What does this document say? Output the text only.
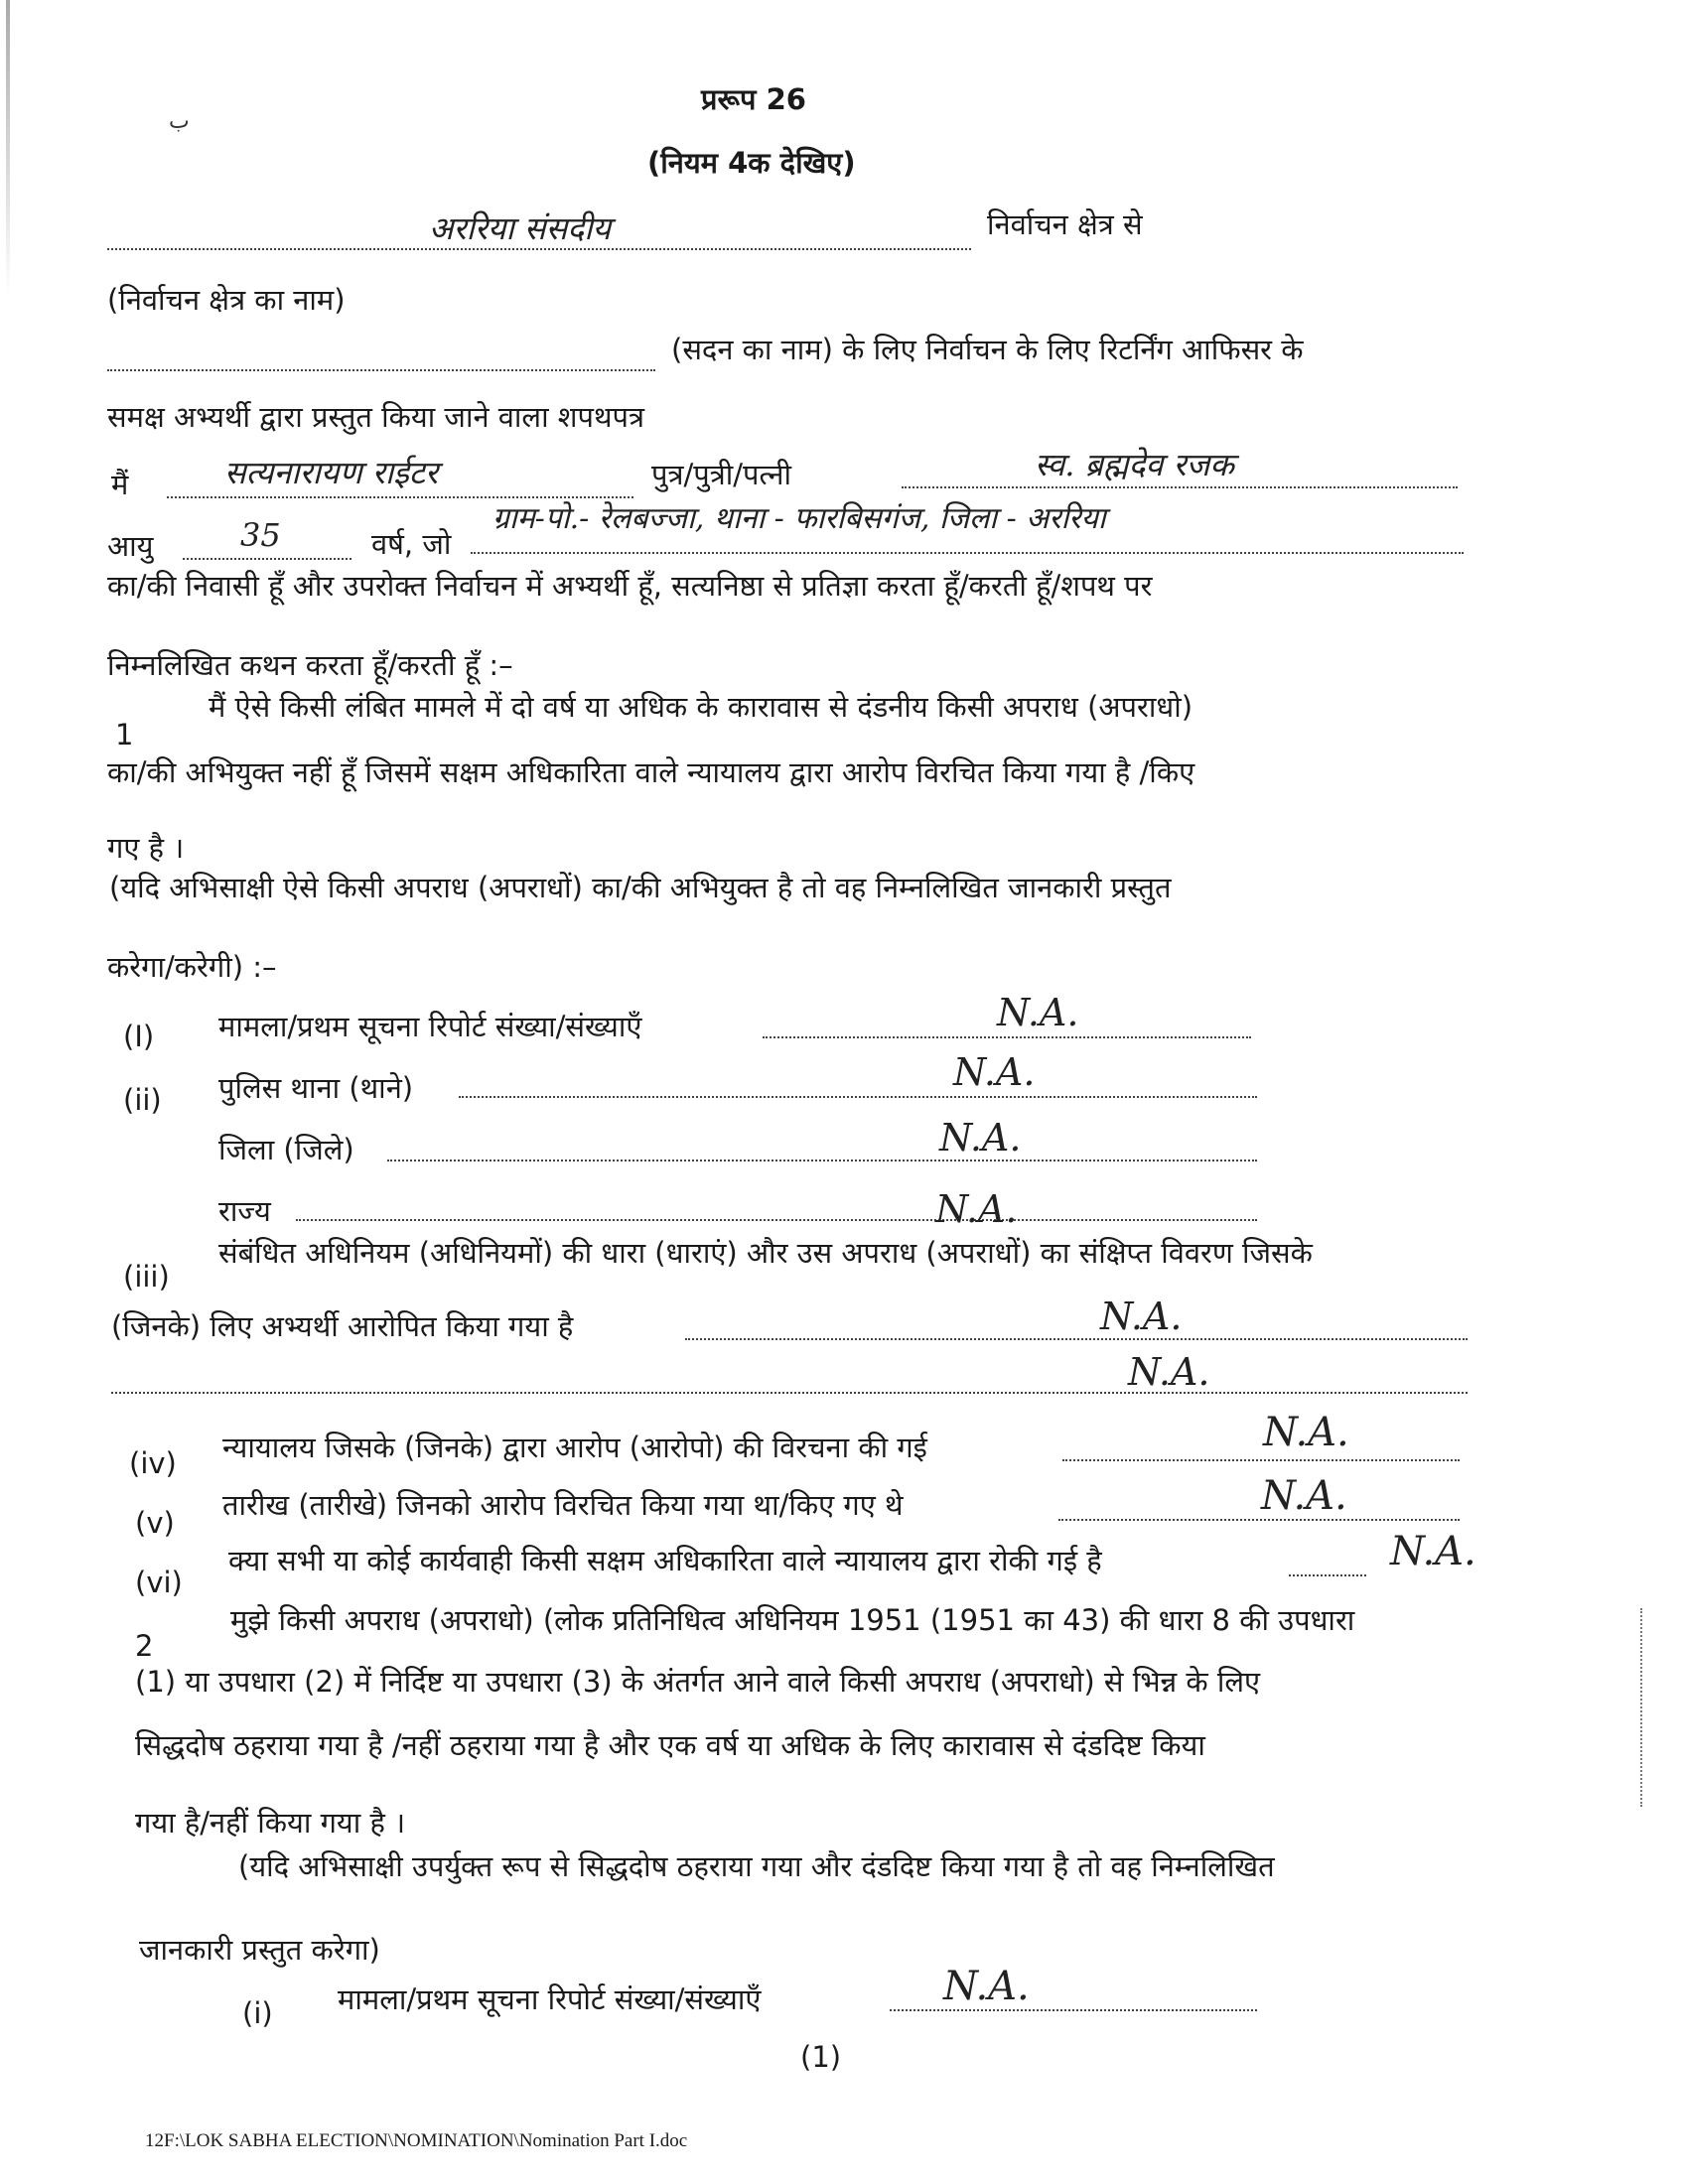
प्ररूप 26
(नियम 4क देखिए)
अररिया संसदीय	निर्वाचन क्षेत्र से
(निर्वाचन क्षेत्र का नाम)
(सदन का नाम) के लिए निर्वाचन के लिए रिटर्निंग आफिसर के
समक्ष अभ्यर्थी द्वारा प्रस्तुत किया जाने वाला शपथपत्र
मैं	सत्यनारायण राईटर	पुत्र/पुत्री/पत्नी	स्व. ब्रह्मदेव रजक
आयु	35	वर्ष, जो
ग्राम-पो.- रेलबज्जा, थाना - फारबिसगंज, जिला - अररिया
का/की निवासी हूँ और उपरोक्त निर्वाचन में अभ्यर्थी हूँ, सत्यनिष्ठा से प्रतिज्ञा करता हूँ/करती हूँ/शपथ पर
निम्नलिखित कथन करता हूँ/करती हूँ :–
1
मैं ऐसे किसी लंबित मामले में दो वर्ष या अधिक के कारावास से दंडनीय किसी अपराध (अपराधो)
का/की अभियुक्त नहीं हूँ जिसमें सक्षम अधिकारिता वाले न्यायालय द्वारा आरोप विरचित किया गया है /किए
गए है ।
(यदि अभिसाक्षी ऐसे किसी अपराध (अपराधों) का/की अभियुक्त है तो वह निम्नलिखित जानकारी प्रस्तुत
करेगा/करेगी) :–
(I) मामला/प्रथम सूचना रिपोर्ट संख्या/संख्याएँ	N.A.
(ii) पुलिस थाना (थाने)	N.A.
जिला (जिले)	N.A.
राज्य	N.A.
(iii)
संबंधित अधिनियम (अधिनियमों) की धारा (धाराएं) और उस अपराध (अपराधों) का संक्षिप्त विवरण जिसके
(जिनके) लिए अभ्यर्थी आरोपित किया गया है	N.A.
N.A.
(iv) न्यायालय जिसके (जिनके) द्वारा आरोप (आरोपो) की विरचना की गई	N.A.
(v)
तारीख (तारीखे) जिनको आरोप विरचित किया गया था/किए गए थे	N.A.
(vi)
क्या सभी या कोई कार्यवाही किसी सक्षम अधिकारिता वाले न्यायालय द्वारा रोकी गई है	N.A.
2
मुझे किसी अपराध (अपराधो) (लोक प्रतिनिधित्व अधिनियम 1951 (1951 का 43) की धारा 8 की उपधारा
(1) या उपधारा (2) में निर्दिष्ट या उपधारा (3) के अंतर्गत आने वाले किसी अपराध (अपराधो) से भिन्न के लिए
सिद्धदोष ठहराया गया है /नहीं ठहराया गया है और एक वर्ष या अधिक के लिए कारावास से दंडदिष्ट किया
गया है/नहीं किया गया है ।
(यदि अभिसाक्षी उपर्युक्त रूप से सिद्धदोष ठहराया गया और दंडदिष्ट किया गया है तो वह निम्नलिखित
जानकारी प्रस्तुत करेगा)
(i) मामला/प्रथम सूचना रिपोर्ट संख्या/संख्याएँ	N.A.
(1)
12F:\LOK SABHA ELECTION\NOMINATION\Nomination Part I.doc
ب
